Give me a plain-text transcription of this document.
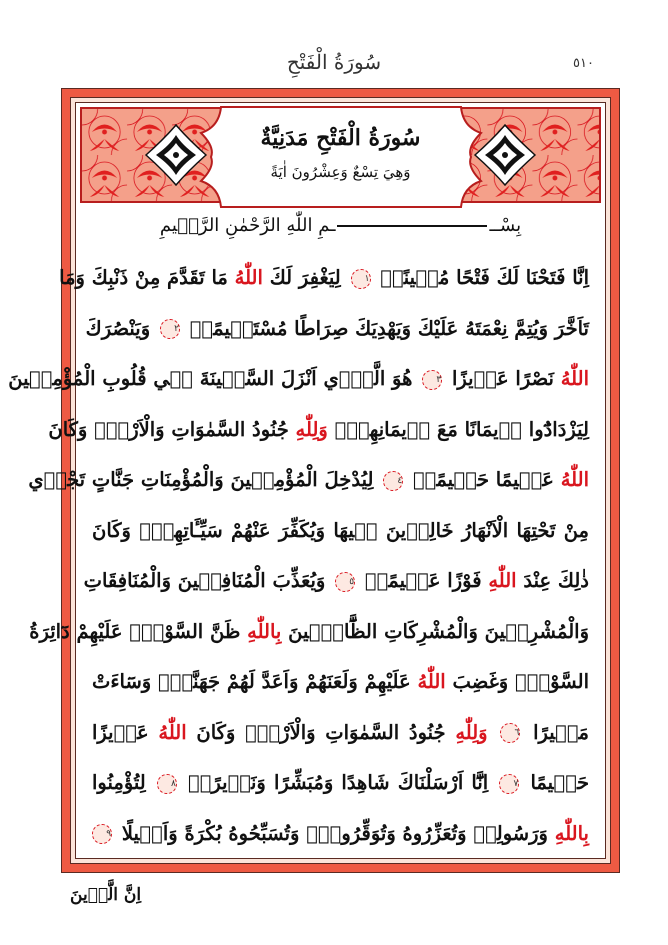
٥١٠
سُورَةُ الْفَتْحِ
سُورَةُ الْفَتْحِ مَدَنِيَّةٌ
وَهِيَ تِسْعٌ وَعِشْرُونَ اٰيَةً
بِسْـــمِ اللّٰهِ الرَّحْمٰنِ الرَّحٖيمِ
اِنَّا فَتَحْنَا لَكَ فَتْحًا مُبٖينًاۙ ١ لِيَغْفِرَ لَكَ اللّٰهُ مَا تَقَدَّمَ مِنْ ذَنْبِكَ وَمَا
تَاَخَّرَ وَيُتِمَّ نِعْمَتَهُ عَلَيْكَ وَيَهْدِيَكَ صِرَاطًا مُسْتَقٖيمًاۙ ٢ وَيَنْصُرَكَ
اللّٰهُ نَصْرًا عَزٖيزًا ٣ هُوَ الَّذٖٓي اَنْزَلَ السَّكٖينَةَ فٖي قُلُوبِ الْمُؤْمِنٖينَ
لِيَزْدَادُٓوا اٖيمَانًا مَعَ اٖيمَانِهِمْۜ وَلِلّٰهِ جُنُودُ السَّمٰوَاتِ وَالْاَرْضِۜ وَكَانَ
اللّٰهُ عَلٖيمًا حَكٖيمًاۙ ٤ لِيُدْخِلَ الْمُؤْمِنٖينَ وَالْمُؤْمِنَاتِ جَنَّاتٍ تَجْرٖي
مِنْ تَحْتِهَا الْاَنْهَارُ خَالِدٖينَ فٖيهَا وَيُكَفِّرَ عَنْهُمْ سَيِّـَٔاتِهِمْۜ وَكَانَ
ذٰلِكَ عِنْدَ اللّٰهِ فَوْزًا عَظٖيمًاۙ ٥ وَيُعَذِّبَ الْمُنَافِقٖينَ وَالْمُنَافِقَاتِ
وَالْمُشْرِكٖينَ وَالْمُشْرِكَاتِ الظَّٓانّٖينَ بِاللّٰهِ ظَنَّ السَّوْءِۜ عَلَيْهِمْ دَٓائِرَةُ
السَّوْءِۚ وَغَضِبَ اللّٰهُ عَلَيْهِمْ وَلَعَنَهُمْ وَاَعَدَّ لَهُمْ جَهَنَّمَۜ وَسَٓاءَتْ
مَصٖيرًا ٦ وَلِلّٰهِ جُنُودُ السَّمٰوَاتِ وَالْاَرْضِۜ وَكَانَ اللّٰهُ عَزٖيزًا
حَكٖيمًا ٧ اِنَّٓا اَرْسَلْنَاكَ شَاهِدًا وَمُبَشِّرًا وَنَذٖيرًاۙ ٨ لِتُؤْمِنُوا
بِاللّٰهِ وَرَسُولِهٖ وَتُعَزِّرُوهُ وَتُوَقِّرُوهُۜ وَتُسَبِّحُوهُ بُكْرَةً وَاَصٖيلًا ٩
اِنَّ الَّذٖينَ
